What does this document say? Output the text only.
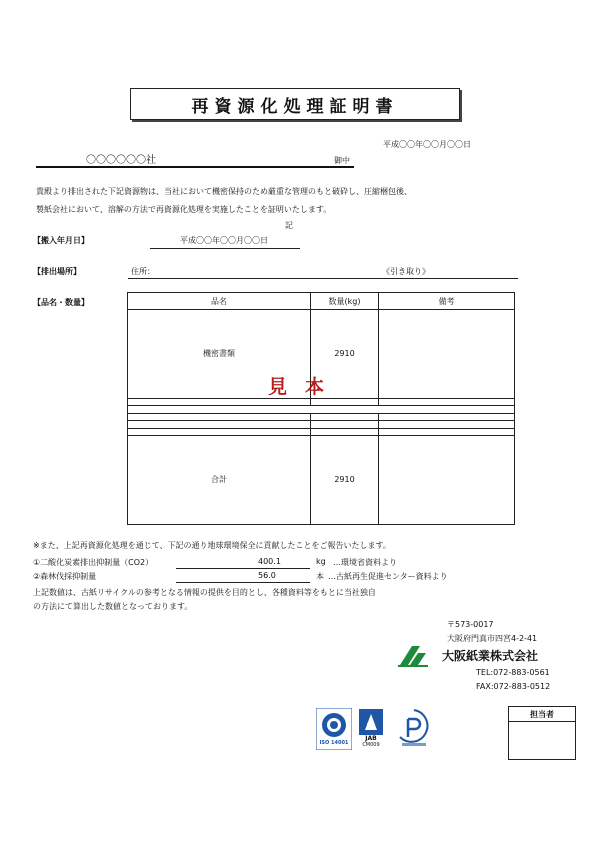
再資源化処理証明書
平成〇〇年〇〇月〇〇日
〇〇〇〇〇〇社	御中
貴殿より排出された下記資源物は、当社において機密保持のため厳重な管理のもと破砕し、圧縮梱包後、
製紙会社において、溶解の方法で再資源化処理を実施したことを証明いたします。
記
【搬入年月日】	平成〇〇年〇〇月〇〇日
【排出場所】	住所：	《引き取り》
【品名・数量】	品名	数量(kg)	備考
機密書類	2910	

合計	2910	
見本
※また、上記再資源化処理を通じて、下記の通り地球環境保全に貢献したことをご報告いたします。
①二酸化炭素排出抑制量（CO2）	400.1	kg …環境省資料より
②森林伐採抑制量	56.0	本 …古紙再生促進センター資料より
上記数値は、古紙リサイクルの参考となる情報の提供を目的とし、各種資料等をもとに当社独自
の方法にて算出した数値となっております。
〒573-0017
大阪府門真市四宮4-2-41
大阪紙業株式会社
TEL:072-883-0561
FAX:072-883-0512
ISO 14001
MS
JAB
CM009
担当者
